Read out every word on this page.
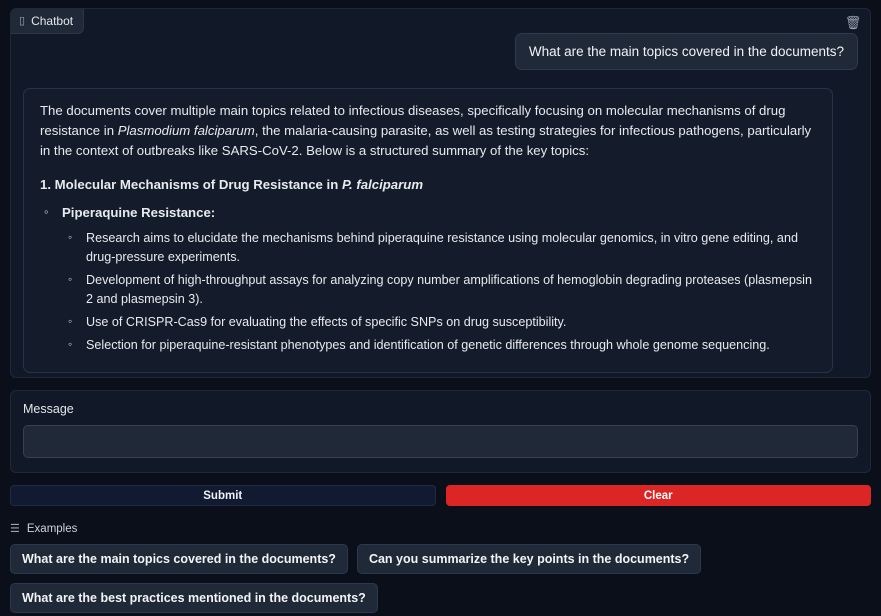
▯ Chatbot	🗑
What are the main topics covered in the documents?

The documents cover multiple main topics related to infectious diseases, specifically focusing on molecular mechanisms of drug resistance in Plasmodium falciparum, the malaria-causing parasite, as well as testing strategies for infectious pathogens, particularly in the context of outbreaks like SARS-CoV-2. Below is a structured summary of the key topics:

1. Molecular Mechanisms of Drug Resistance in P. falciparum
◦ Piperaquine Resistance:
◦ Research aims to elucidate the mechanisms behind piperaquine resistance using molecular genomics, in vitro gene editing, and drug-pressure experiments.
◦ Development of high-throughput assays for analyzing copy number amplifications of hemoglobin degrading proteases (plasmepsin 2 and plasmepsin 3).
◦ Use of CRISPR-Cas9 for evaluating the effects of specific SNPs on drug susceptibility.
◦ Selection for piperaquine-resistant phenotypes and identification of genetic differences through whole genome sequencing.
Message
Submit	Clear
☰ Examples
What are the main topics covered in the documents?	Can you summarize the key points in the documents?
What are the best practices mentioned in the documents?
